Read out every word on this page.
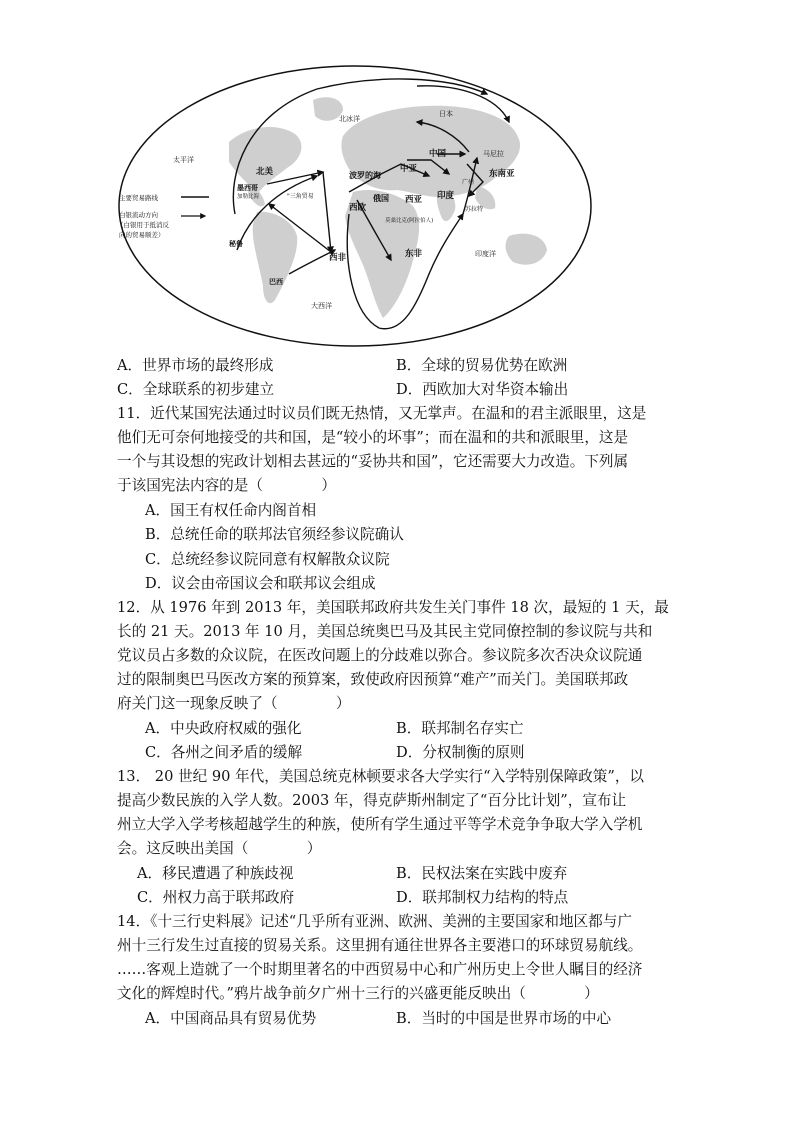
主要贸易路线
白银流动方向
（白银用于抵消反
向的贸易顺差）
太平洋
北冰洋
日本
中国	马尼拉
东南亚
中亚
波罗的海
北美
墨西哥
加勒比海	"三角贸易
西欧
俄国 西亚 印度
广州
苏拉特
莫桑比克(阿拉伯人)
西非	东非
秘鲁
巴西
大西洋
印度洋
A．世界市场的最终形成	B．全球的贸易优势在欧洲
C．全球联系的初步建立	D．西欧加大对华资本输出
11．近代某国宪法通过时议员们既无热情，又无掌声。在温和的君主派眼里，这是
他们无可奈何地接受的共和国，是“较小的坏事”；而在温和的共和派眼里，这是
一个与其设想的宪政计划相去甚远的“妥协共和国”，它还需要大力改造。下列属
于该国宪法内容的是（　　　　）
A．国王有权任命内阁首相
B．总统任命的联邦法官须经参议院确认
C．总统经参议院同意有权解散众议院
D．议会由帝国议会和联邦议会组成
12．从 1976 年到 2013 年，美国联邦政府共发生关门事件 18 次，最短的 1 天，最
长的 21 天。2013 年 10 月，美国总统奥巴马及其民主党同僚控制的参议院与共和
党议员占多数的众议院，在医改问题上的分歧难以弥合。参议院多次否决众议院通
过的限制奥巴马医改方案的预算案，致使政府因预算“难产”而关门。美国联邦政
府关门这一现象反映了（　　　　）
A．中央政府权威的强化	B．联邦制名存实亡
C．各州之间矛盾的缓解	D．分权制衡的原则
13． 20 世纪 90 年代，美国总统克林顿要求各大学实行“入学特别保障政策”，以
提高少数民族的入学人数。2003 年，得克萨斯州制定了“百分比计划”，宣布让
州立大学入学考核超越学生的种族，使所有学生通过平等学术竞争争取大学入学机
会。这反映出美国（　　　　）
A．移民遭遇了种族歧视	B．民权法案在实践中废弃
C．州权力高于联邦政府	D．联邦制权力结构的特点
14．《十三行史料展》记述“几乎所有亚洲、欧洲、美洲的主要国家和地区都与广
州十三行发生过直接的贸易关系。这里拥有通往世界各主要港口的环球贸易航线。
……客观上造就了一个时期里著名的中西贸易中心和广州历史上令世人瞩目的经济
文化的辉煌时代。”鸦片战争前夕广州十三行的兴盛更能反映出（　　　　）
A．中国商品具有贸易优势	B．当时的中国是世界市场的中心
